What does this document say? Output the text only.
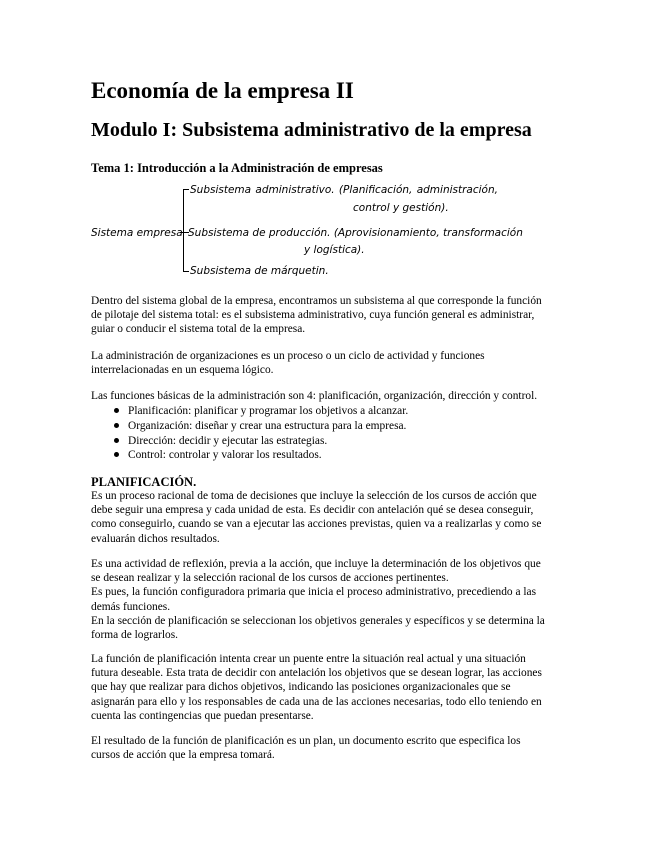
Economía de la empresa II
Modulo I: Subsistema administrativo de la empresa
Tema 1: Introducción a la Administración de empresas
Sistema empresa
Subsistema administrativo. (Planificación, administración,
control y gestión).
Subsistema de producción. (Aprovisionamiento, transformación
y logística).
Subsistema de márquetin.
Dentro del sistema global de la empresa, encontramos un subsistema al que corresponde la función
de pilotaje del sistema total: es el subsistema administrativo, cuya función general es administrar,
guiar o conducir el sistema total de la empresa.
La administración de organizaciones es un proceso o un ciclo de actividad y funciones
interrelacionadas en un esquema lógico.
Las funciones básicas de la administración son 4: planificación, organización, dirección y control.
Planificación: planificar y programar los objetivos a alcanzar.
Organización: diseñar y crear una estructura para la empresa.
Dirección: decidir y ejecutar las estrategias.
Control: controlar y valorar los resultados.
PLANIFICACIÓN.
Es un proceso racional de toma de decisiones que incluye la selección de los cursos de acción que
debe seguir una empresa y cada unidad de esta. Es decidir con antelación qué se desea conseguir,
como conseguirlo, cuando se van a ejecutar las acciones previstas, quien va a realizarlas y como se
evaluarán dichos resultados.
Es una actividad de reflexión, previa a la acción, que incluye la determinación de los objetivos que
se desean realizar y la selección racional de los cursos de acciones pertinentes.
Es pues, la función configuradora primaria que inicia el proceso administrativo, precediendo a las
demás funciones.
En la sección de planificación se seleccionan los objetivos generales y específicos y se determina la
forma de lograrlos.
La función de planificación intenta crear un puente entre la situación real actual y una situación
futura deseable. Esta trata de decidir con antelación los objetivos que se desean lograr, las acciones
que hay que realizar para dichos objetivos, indicando las posiciones organizacionales que se
asignarán para ello y los responsables de cada una de las acciones necesarias, todo ello teniendo en
cuenta las contingencias que puedan presentarse.
El resultado de la función de planificación es un plan, un documento escrito que especifica los
cursos de acción que la empresa tomará.
